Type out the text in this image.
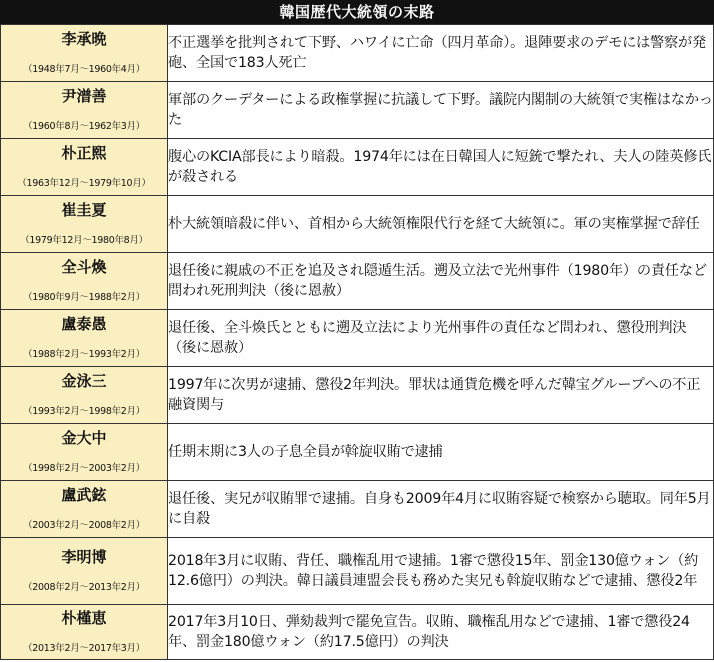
韓国歴代大統領の末路
李承晩
（1948年7月～1960年4月）	不正選挙を批判されて下野、ハワイに亡命（四月革命）。退陣要求のデモには警察が発砲、全国で183人死亡

尹潽善
（1960年8月～1962年3月）	軍部のクーデターによる政権掌握に抗議して下野。議院内閣制の大統領で実権はなかった

朴正熙
（1963年12月～1979年10月）	腹心のKCIA部長により暗殺。1974年には在日韓国人に短銃で撃たれ、夫人の陸英修氏が殺される

崔圭夏
（1979年12月～1980年8月）	朴大統領暗殺に伴い、首相から大統領権限代行を経て大統領に。軍の実権掌握で辞任

全斗煥
（1980年9月～1988年2月）	退任後に親戚の不正を追及され隠遁生活。遡及立法で光州事件（1980年）の責任など問われ死刑判決（後に恩赦）

盧泰愚
（1988年2月～1993年2月）	退任後、全斗煥氏とともに遡及立法により光州事件の責任など問われ、懲役刑判決（後に恩赦）

金泳三
（1993年2月～1998年2月）	1997年に次男が逮捕、懲役2年判決。罪状は通貨危機を呼んだ韓宝グループへの不正融資関与

金大中
（1998年2月～2003年2月）	任期末期に3人の子息全員が斡旋収賄で逮捕

盧武鉉
（2003年2月～2008年2月）	退任後、実兄が収賄罪で逮捕。自身も2009年4月に収賄容疑で検察から聴取。同年5月に自殺

李明博
（2008年2月～2013年2月）	2018年3月に収賄、背任、職権乱用で逮捕。1審で懲役15年、罰金130億ウォン（約12.6億円）の判決。韓日議員連盟会長も務めた実兄も斡旋収賄などで逮捕、懲役2年

朴槿恵
（2013年2月～2017年3月）	2017年3月10日、弾劾裁判で罷免宣告。収賄、職権乱用などで逮捕、1審で懲役24年、罰金180億ウォン（約17.5億円）の判決
